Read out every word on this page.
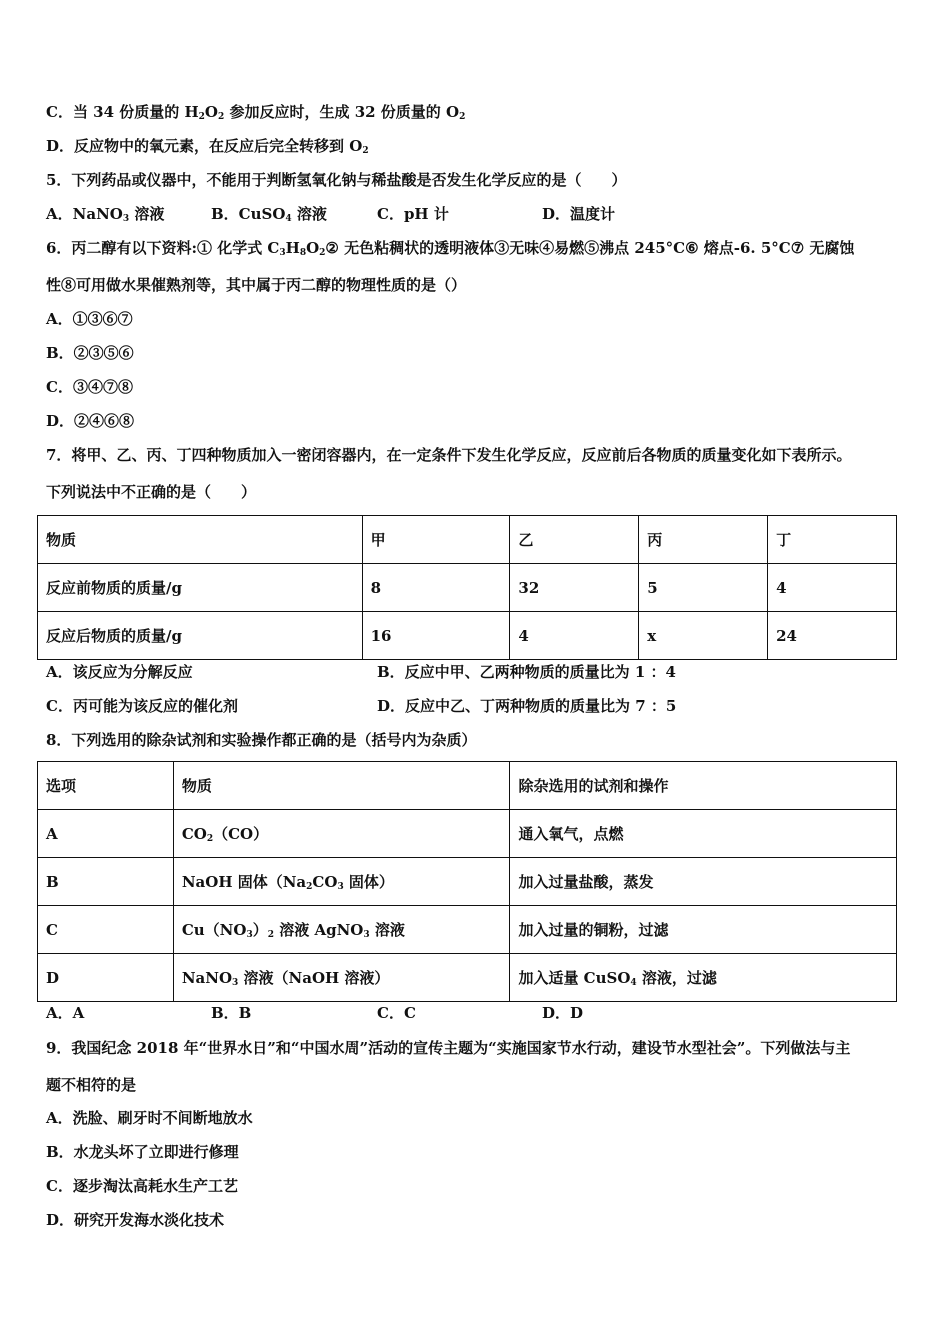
C．当 34 份质量的 $H_2O_2$ 参加反应时，生成 32 份质量的 $O_2$
D．反应物中的氧元素，在反应后完全转移到 $O_2$
5．下列药品或仪器中，不能用于判断氢氧化钠与稀盐酸是否发生化学反应的是（　　）
A．NaNO$_3$ 溶液	B．CuSO$_4$ 溶液	C．pH 计	D．温度计
6．丙二醇有以下资料:① 化学式 $C_3H_8O_2②$ 无色粘稠状的透明液体③无味④易燃⑤沸点 245°C⑥ 熔点-6. 5°C⑦ 无腐蚀
性⑧可用做水果催熟剂等，其中属于丙二醇的物理性质的是（）
A．①③⑥⑦
B．②③⑤⑥
C．③④⑦⑧
D．②④⑥⑧
7．将甲、乙、丙、丁四种物质加入一密闭容器内，在一定条件下发生化学反应，反应前后各物质的质量变化如下表所示。
下列说法中不正确的是（　　）
物质	甲	乙	丙	丁
反应前物质的质量/g	8	32	5	4
反应后物质的质量/g	16	4	x	24
A．该反应为分解反应	B．反应中甲、乙两种物质的质量比为 1 ：4
C．丙可能为该反应的催化剂	D．反应中乙、丁两种物质的质量比为 7 ：5
8．下列选用的除杂试剂和实验操作都正确的是（括号内为杂质）
选项	物质	除杂选用的试剂和操作
A	$CO_2(CO)$	通入氧气，点燃
B	NaOH 固体（$Na_2CO_3$ 固体）	加入过量盐酸，蒸发
C	$Cu(NO_3)_2$ 溶液 AgNO$_3$ 溶液	加入过量的铜粉，过滤
D	NaNO$_3$ 溶液（NaOH 溶液）	加入适量 CuSO$_4$ 溶液，过滤
A．A	B．B	C．C	D．D
9．我国纪念 2018 年“世界水日”和“中国水周”活动的宣传主题为“实施国家节水行动，建设节水型社会”。下列做法与主
题不相符的是
A．洗脸、刷牙时不间断地放水
B．水龙头坏了立即进行修理
C．逐步淘汰高耗水生产工艺
D．研究开发海水淡化技术
